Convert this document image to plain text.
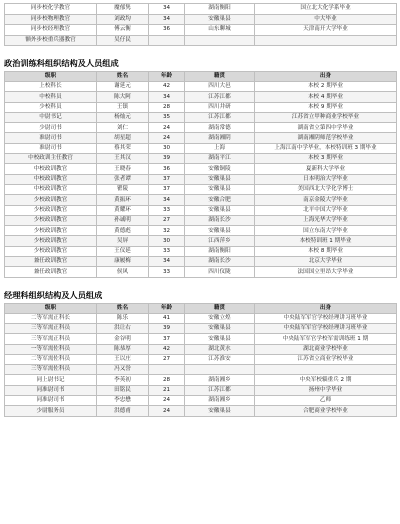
同步校化学教官	魔郁隽	34	湖南衡阳	国立北大化学系毕业
同步校物理教官	刘政均	34	安徽巢县	中大毕业
同步校经理教官	傅云衡	36	山东聊城	天津南开大学毕业
额外步校重兵器教官	吴仔民			
政治训练科组织结构及人员组成
级职	姓名	年龄	籍贯	出身
上校科长	谢延元	42	四川大邑	本校 2 期毕业
中校科员	陈大阿	34	江苏江都	本校 4 期毕业
少校科员	王镇	28	四川井研	本校 9 期毕业
中尉书记	杨灿元	35	江苏江都	江苏省立甲种商业学校毕业
少尉司书	刘仁	24	湖南常德	湖南省立第四中学毕业
准尉司书	胡星超	24	湖南湘阴	湖南湘阴师范学校毕业
准尉司书	蔡其荣	30	上海	上海江南中学毕业，本校特训班 3 期毕业
中校政训主任教官	王其汉	39	湖南平江	本校 3 期毕业
中校政训教官	王晓春	36	安徽铜陵	夏新科大学毕业
中校政训教官	张者谭	37	安徽巢县	日本明治大学毕业
中校政训教官	瞿陵	37	安徽巢县	美国西北大学化学博士
少校政训教官	黄振环	34	安徽合肥	南京金陵大学毕业
少校政训教官	黄耀环	33	安徽巢县	北平中国大学毕业
少校政训教官	孙诚明	27	湖南长沙	上海光华大学毕业
少校政训教官	黄德彪	32	安徽巢县	国立东南大学毕业
少校政训教官	吴屏	30	江西萍乡	本校特训班 1 期毕业
少校政训教官	王仪延	33	湖南衡阳	本校 8 期毕业
兼任政训教官	康履梅	34	湖南长沙	北京大学毕业
兼任政训教官	侯风	33	四川仪陇	法国国立里昂大学毕业
经理科组织结构及人员组成
级职	姓名	年龄	籍贯	出身
二等军需正科长	陈乐	41	安徽立煌	中央陆军军官学校经理讲习班毕业
三等军需正科员	洪让右	39	安徽巢县	中央陆军军官学校经理讲习班毕业
三等军需正科员	金谷明	37	安徽巢县	中央陆军军官学校军需训练班 1 期
一等军需佐科员	陈恭厚	42	湖北黄水	湖北商业学校毕业
二等军需佐科员	王以庄	27	江苏淮安	江苏省立商业学校毕业
三等军需佐科员	冯又誉			
同上尉书记	李英初	28	湖南湘乡	中央军校辎重兵 2 期
同准尉司书	田铭民	21	江苏江都	扬州中学毕业
同准尉司书	李忠懋	24	湖南湘乡	乙师
少尉服务员	洪德甫	24	安徽巢县	合肥商业学校毕业
